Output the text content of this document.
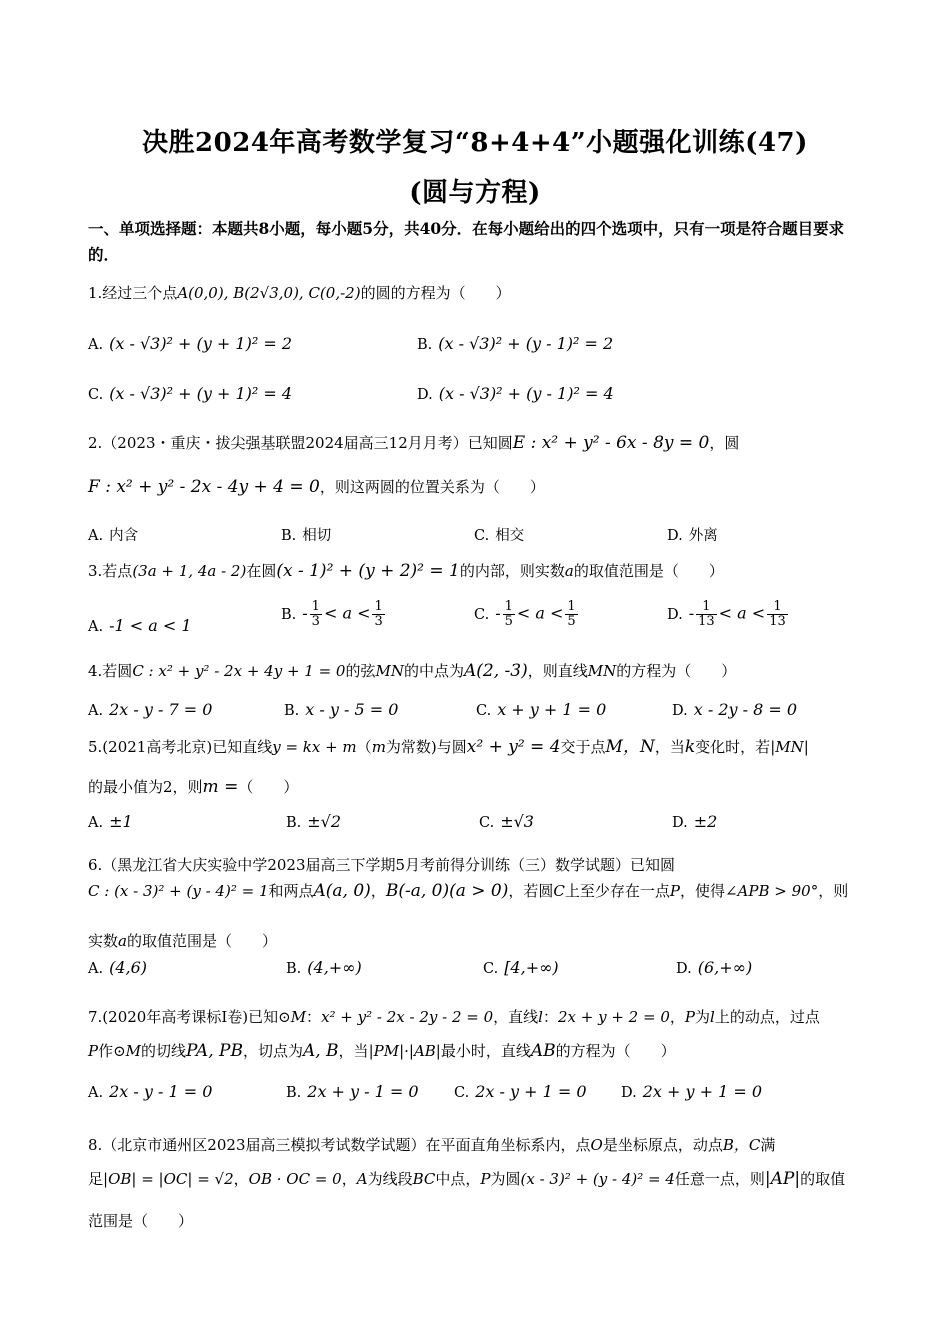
决胜2024年高考数学复习“8+4+4”小题强化训练(47)
(圆与方程)
一、单项选择题：本题共8小题，每小题5分，共40分．在每小题给出的四个选项中，只有一项是符合题目要求的．
1.经过三个点A(0,0), B(2√3,0), C(0,-2)的圆的方程为（　　）
A. (x - √3)² + (y + 1)² = 2	B. (x - √3)² + (y - 1)² = 2
C. (x - √3)² + (y + 1)² = 4	D. (x - √3)² + (y - 1)² = 4
2.（2023・重庆・拔尖强基联盟2024届高三12月月考）已知圆E : x² + y² - 6x - 8y = 0，圆
F : x² + y² - 2x - 4y + 4 = 0，则这两圆的位置关系为（　　）
A. 内含	B. 相切	C. 相交	D. 外离
3.若点(3a + 1, 4a - 2)在圆(x - 1)² + (y + 2)² = 1的内部，则实数a的取值范围是（　　）
A. -1 < a < 1
B. - $\frac{1}{3} < a < \frac{1}{3}$	C. - $\frac{1}{5} < a < \frac{1}{5}$	D. - $\frac{1}{13} < a < \frac{1}{13}$
4.若圆C : x² + y² - 2x + 4y + 1 = 0的弦MN的中点为A(2, -3)，则直线MN的方程为（　　）
A. 2x - y - 7 = 0	B. x - y - 5 = 0	C. x + y + 1 = 0	D. x - 2y - 8 = 0
5.(2021高考北京)已知直线y = kx + m（m为常数)与圆x² + y² = 4交于点M，N，当k变化时，若|MN|
的最小值为2，则m =（　　）
A. ±1	B. ±√2	C. ±√3	D. ±2
6.（黑龙江省大庆实验中学2023届高三下学期5月考前得分训练（三）数学试题）已知圆
C : (x - 3)² + (y - 4)² = 1和两点A(a, 0)，B(-a, 0)(a > 0)，若圆C上至少存在一点P，使得∠APB > 90°，则
实数a的取值范围是（　　）
A. (4,6)	B. (4,+∞)	C. [4,+∞)	D. (6,+∞)
7.(2020年高考课标Ⅰ卷)已知⊙M：x² + y² - 2x - 2y - 2 = 0，直线l：2x + y + 2 = 0，P为l上的动点，过点
P作⊙M的切线PA, PB，切点为A, B，当|PM|·|AB|最小时，直线AB的方程为（　　）
A. 2x - y - 1 = 0	B. 2x + y - 1 = 0 C. 2x - y + 1 = 0 D. 2x + y + 1 = 0
8.（北京市通州区2023届高三模拟考试数学试题）在平面直角坐标系内，点O是坐标原点，动点B，C满
足|OB| = |OC| = √2，OB · OC = 0，A为线段BC中点，P为圆(x - 3)² + (y - 4)² = 4任意一点，则|AP|的取值
范围是（　　）
